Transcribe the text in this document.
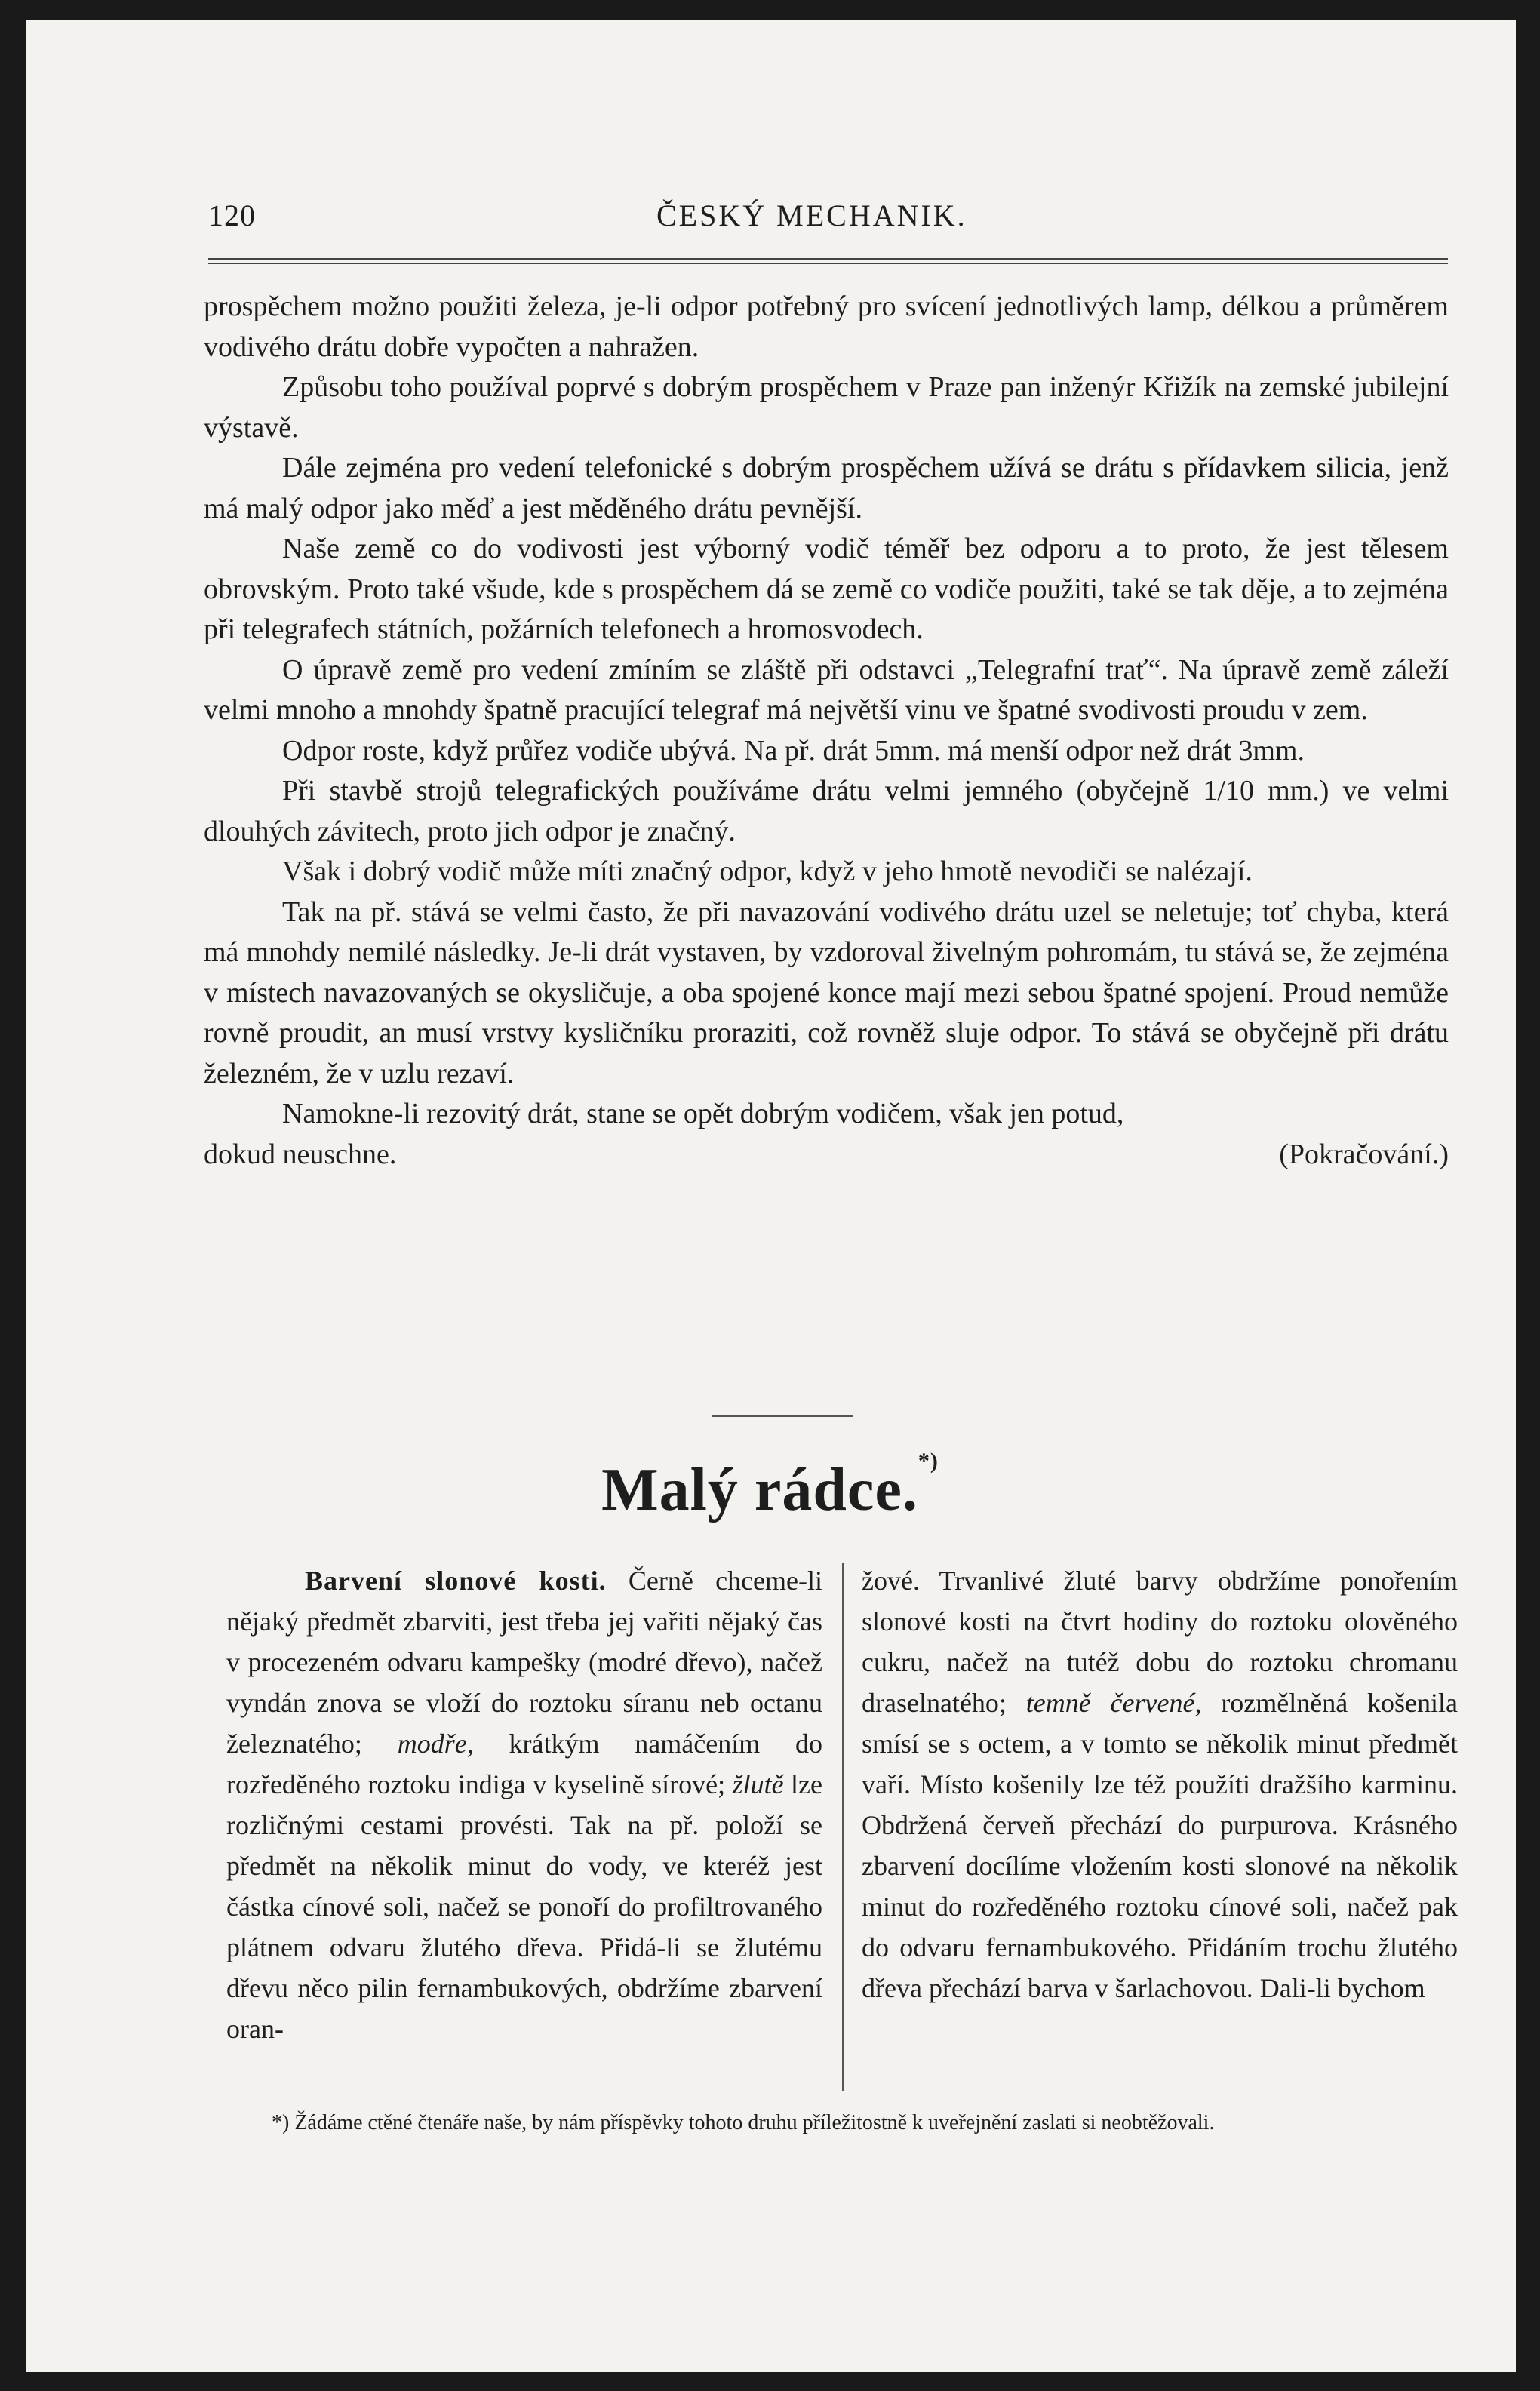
120	ČESKÝ MECHANIK.

prospěchem možno použiti železa, je-li odpor potřebný pro svícení jednotlivých lamp, délkou a průměrem vodivého drátu dobře vypočten a nahražen.

Způsobu toho používal poprvé s dobrým prospěchem v Praze pan inženýr Křižík na zemské jubilejní výstavě.

Dále zejména pro vedení telefonické s dobrým prospěchem užívá se drátu s přídavkem silicia, jenž má malý odpor jako měď a jest měděného drátu pevnější.

Naše země co do vodivosti jest výborný vodič téměř bez odporu a to proto, že jest tělesem obrovským. Proto také všude, kde s prospěchem dá se země co vodiče použiti, také se tak děje, a to zejména při telegrafech státních, požárních telefonech a hromosvodech.

O úpravě země pro vedení zmíním se zláště při odstavci „Telegrafní trať“. Na úpravě země záleží velmi mnoho a mnohdy špatně pracující telegraf má největší vinu ve špatné svodivosti proudu v zem.

Odpor roste, když průřez vodiče ubývá. Na př. drát 5mm. má menší odpor než drát 3mm.

Při stavbě strojů telegrafických používáme drátu velmi jemného (obyčejně 1/10 mm.) ve velmi dlouhých závitech, proto jich odpor je značný.

Však i dobrý vodič může míti značný odpor, když v jeho hmotě nevodiči se nalézají.

Tak na př. stává se velmi často, že při navazování vodivého drátu uzel se neletuje; toť chyba, která má mnohdy nemilé následky. Je-li drát vystaven, by vzdoroval živelným pohromám, tu stává se, že zejména v místech navazovaných se okysličuje, a oba spojené konce mají mezi sebou špatné spojení. Proud nemůže rovně proudit, an musí vrstvy kysličníku proraziti, což rovněž sluje odpor. To stává se obyčejně při drátu železném, že v uzlu rezaví.

Namokne-li rezovitý drát, stane se opět dobrým vodičem, však jen potud,

dokud neuschne.	(Pokračování.)
Malý rádce.*)

Barvení slonové kosti. Černě chceme-li nějaký předmět zbarviti, jest třeba jej vařiti nějaký čas v procezeném odvaru kampešky (modré dřevo), načež vyndán znova se vloží do roztoku síranu neb octanu železnatého; modře, krátkým namáčením do rozředěného roztoku indiga v kyselině sírové; žlutě lze rozličnými cestami provésti. Tak na př. položí se předmět na několik minut do vody, ve kteréž jest částka cínové soli, načež se ponoří do profiltrovaného plátnem odvaru žlutého dřeva. Přidá-li se žlutému dřevu něco pilin fernambukových, obdržíme zbarvení oran-

žové. Trvanlivé žluté barvy obdržíme ponořením slonové kosti na čtvrt hodiny do roztoku olověného cukru, načež na tutéž dobu do roztoku chromanu draselnatého; temně červené, rozmělněná košenila smísí se s octem, a v tomto se několik minut předmět vaří. Místo košenily lze též použíti dražšího karminu. Obdržená červeň přechází do purpurova. Krásného zbarvení docílíme vložením kosti slonové na několik minut do rozředěného roztoku cínové soli, načež pak do odvaru fernambukového. Přidáním trochu žlutého dřeva přechází barva v šarlachovou. Dali-li bychom

*) Žádáme ctěné čtenáře naše, by nám příspěvky tohoto druhu příležitostně k uveřejnění zaslati si neobtěžovali.
